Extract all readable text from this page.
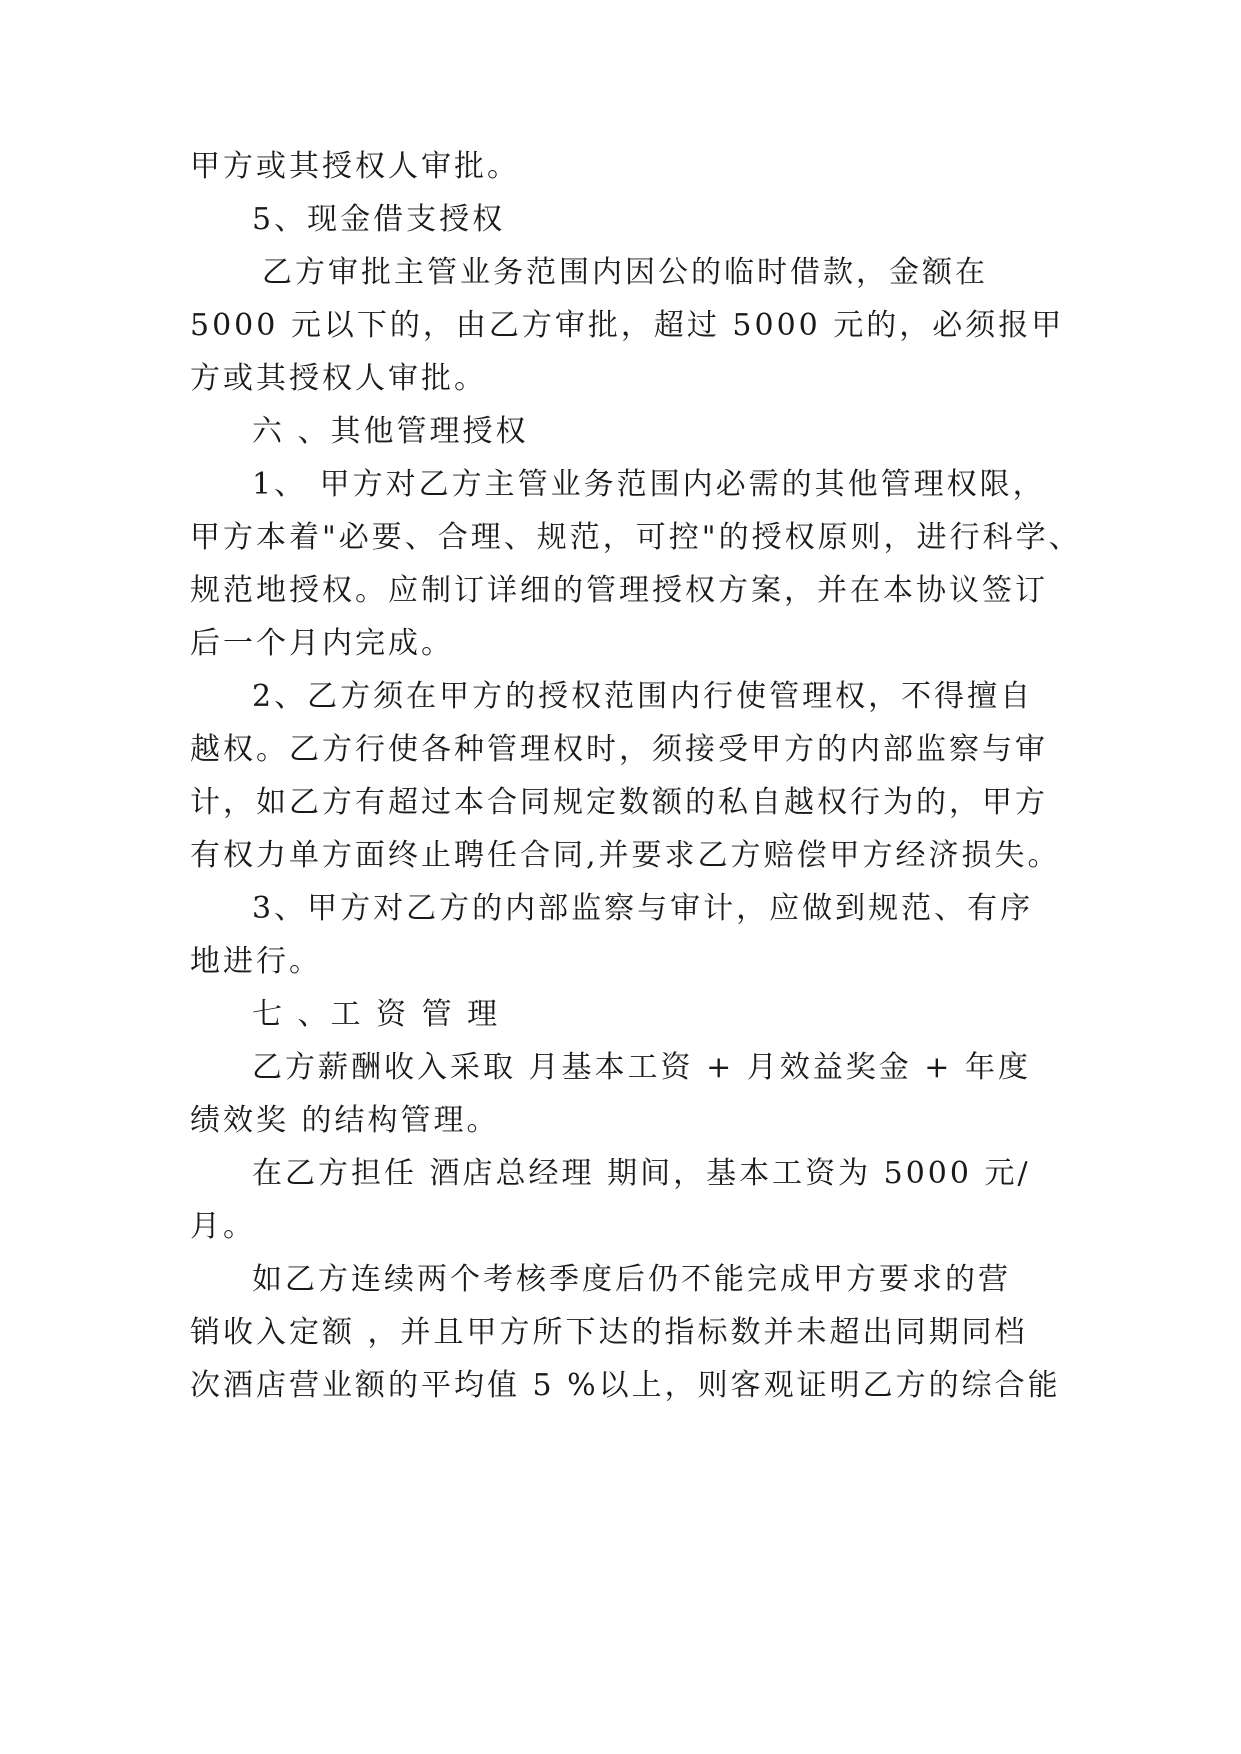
甲方或其授权人审批。
5、现金借支授权
乙方审批主管业务范围内因公的临时借款，金额在
5000 元以下的，由乙方审批，超过 5000 元的，必须报甲
方或其授权人审批。
六 、其他管理授权
1、 甲方对乙方主管业务范围内必需的其他管理权限，
甲方本着"必要、合理、规范，可控"的授权原则，进行科学、
规范地授权。应制订详细的管理授权方案，并在本协议签订
后一个月内完成。
2、乙方须在甲方的授权范围内行使管理权，不得擅自
越权。乙方行使各种管理权时，须接受甲方的内部监察与审
计，如乙方有超过本合同规定数额的私自越权行为的，甲方
有权力单方面终止聘任合同,并要求乙方赔偿甲方经济损失。
3、甲方对乙方的内部监察与审计，应做到规范、有序
地进行。
七 、工 资 管 理
乙方薪酬收入采取 月基本工资 + 月效益奖金 + 年度
绩效奖 的结构管理。
在乙方担任 酒店总经理 期间，基本工资为 5000 元/
月。
如乙方连续两个考核季度后仍不能完成甲方要求的营
销收入定额 ，并且甲方所下达的指标数并未超出同期同档
次酒店营业额的平均值 5 %以上，则客观证明乙方的综合能
